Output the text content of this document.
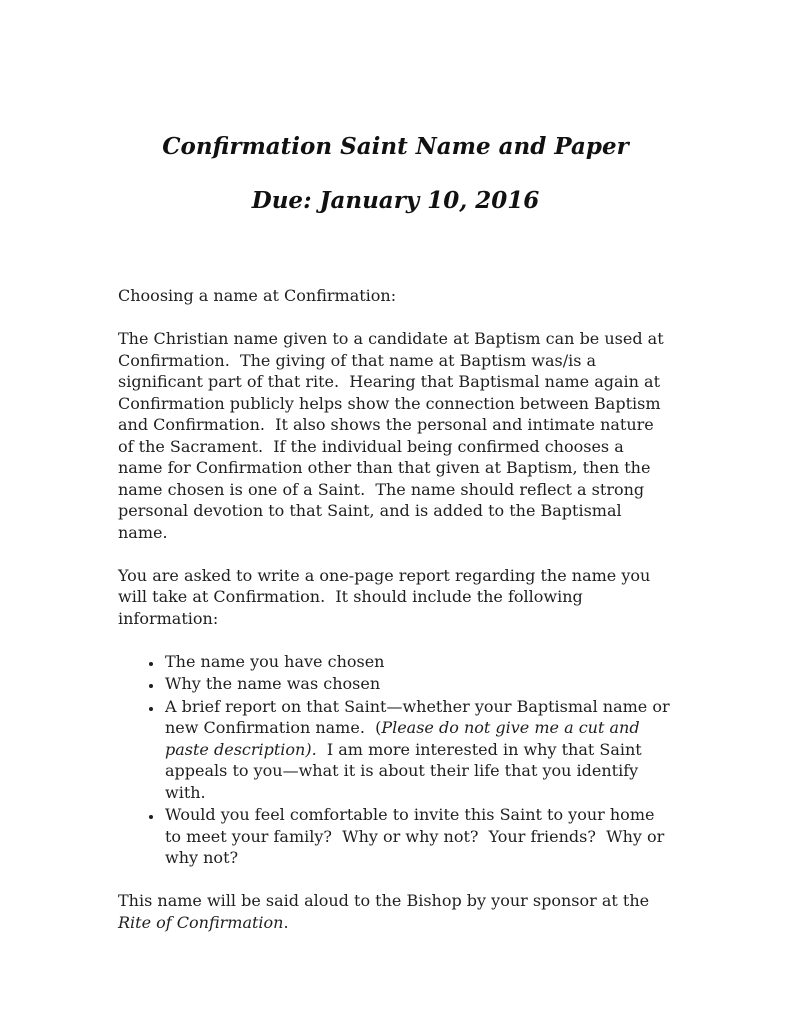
Confirmation Saint Name and Paper
Due: January 10, 2016

Choosing a name at Confirmation:

The Christian name given to a candidate at Baptism can be used at Confirmation.  The giving of that name at Baptism was/is a significant part of that rite.  Hearing that Baptismal name again at Confirmation publicly helps show the connection between Baptism and Confirmation.  It also shows the personal and intimate nature of the Sacrament.  If the individual being confirmed chooses a name for Confirmation other than that given at Baptism, then the name chosen is one of a Saint.  The name should reflect a strong personal devotion to that Saint, and is added to the Baptismal name.

You are asked to write a one-page report regarding the name you will take at Confirmation.  It should include the following information:

• The name you have chosen
• Why the name was chosen
• A brief report on that Saint—whether your Baptismal name or new Confirmation name.  (Please do not give me a cut and paste description).  I am more interested in why that Saint appeals to you—what it is about their life that you identify with.
• Would you feel comfortable to invite this Saint to your home to meet your family?  Why or why not?  Your friends?  Why or why not?

This name will be said aloud to the Bishop by your sponsor at the Rite of Confirmation.
